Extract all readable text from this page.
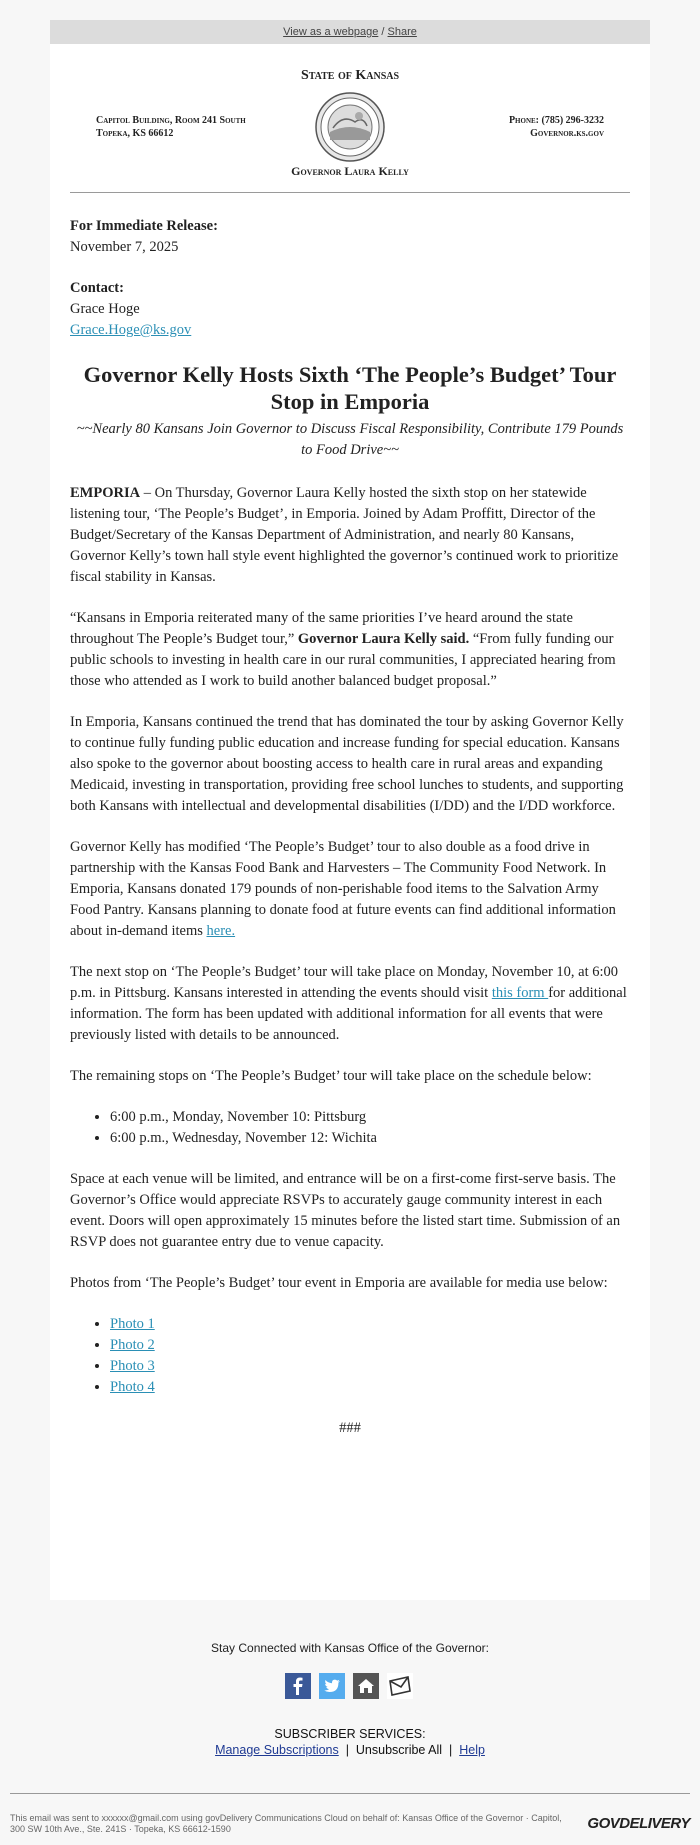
View as a webpage / Share
State of Kansas
Capitol Building, Room 241 South
Topeka, KS 66612
Phone: (785) 296-3232
Governor.ks.gov
Governor Laura Kelly

For Immediate Release:
November 7, 2025

Contact:
Grace Hoge
Grace.Hoge@ks.gov

Governor Kelly Hosts Sixth ‘The People’s Budget’ Tour Stop in Emporia
~~Nearly 80 Kansans Join Governor to Discuss Fiscal Responsibility, Contribute 179 Pounds to Food Drive~~

EMPORIA – On Thursday, Governor Laura Kelly hosted the sixth stop on her statewide listening tour, ‘The People’s Budget’, in Emporia. Joined by Adam Proffitt, Director of the Budget/Secretary of the Kansas Department of Administration, and nearly 80 Kansans, Governor Kelly’s town hall style event highlighted the governor’s continued work to prioritize fiscal stability in Kansas.

“Kansans in Emporia reiterated many of the same priorities I’ve heard around the state throughout The People’s Budget tour,” Governor Laura Kelly said. “From fully funding our public schools to investing in health care in our rural communities, I appreciated hearing from those who attended as I work to build another balanced budget proposal.”

In Emporia, Kansans continued the trend that has dominated the tour by asking Governor Kelly to continue fully funding public education and increase funding for special education. Kansans also spoke to the governor about boosting access to health care in rural areas and expanding Medicaid, investing in transportation, providing free school lunches to students, and supporting both Kansans with intellectual and developmental disabilities (I/DD) and the I/DD workforce.

Governor Kelly has modified ‘The People’s Budget’ tour to also double as a food drive in partnership with the Kansas Food Bank and Harvesters – The Community Food Network. In Emporia, Kansans donated 179 pounds of non-perishable food items to the Salvation Army Food Pantry. Kansans planning to donate food at future events can find additional information about in-demand items here.

The next stop on ‘The People’s Budget’ tour will take place on Monday, November 10, at 6:00 p.m. in Pittsburg. Kansans interested in attending the events should visit this form for additional information. The form has been updated with additional information for all events that were previously listed with details to be announced.

The remaining stops on ‘The People’s Budget’ tour will take place on the schedule below:

• 6:00 p.m., Monday, November 10: Pittsburg
• 6:00 p.m., Wednesday, November 12: Wichita

Space at each venue will be limited, and entrance will be on a first-come first-serve basis. The Governor’s Office would appreciate RSVPs to accurately gauge community interest in each event. Doors will open approximately 15 minutes before the listed start time. Submission of an RSVP does not guarantee entry due to venue capacity.

Photos from ‘The People’s Budget’ tour event in Emporia are available for media use below:

• Photo 1
• Photo 2
• Photo 3
• Photo 4
###
Stay Connected with Kansas Office of the Governor:
SUBSCRIBER SERVICES:
Manage Subscriptions | Unsubscribe All | Help
This email was sent to xxxxxx@gmail.com using govDelivery Communications Cloud on behalf of: Kansas Office of the Governor · Capitol, 300 SW 10th Ave., Ste. 241S · Topeka, KS 66612-1590	GOVDELIVERY
